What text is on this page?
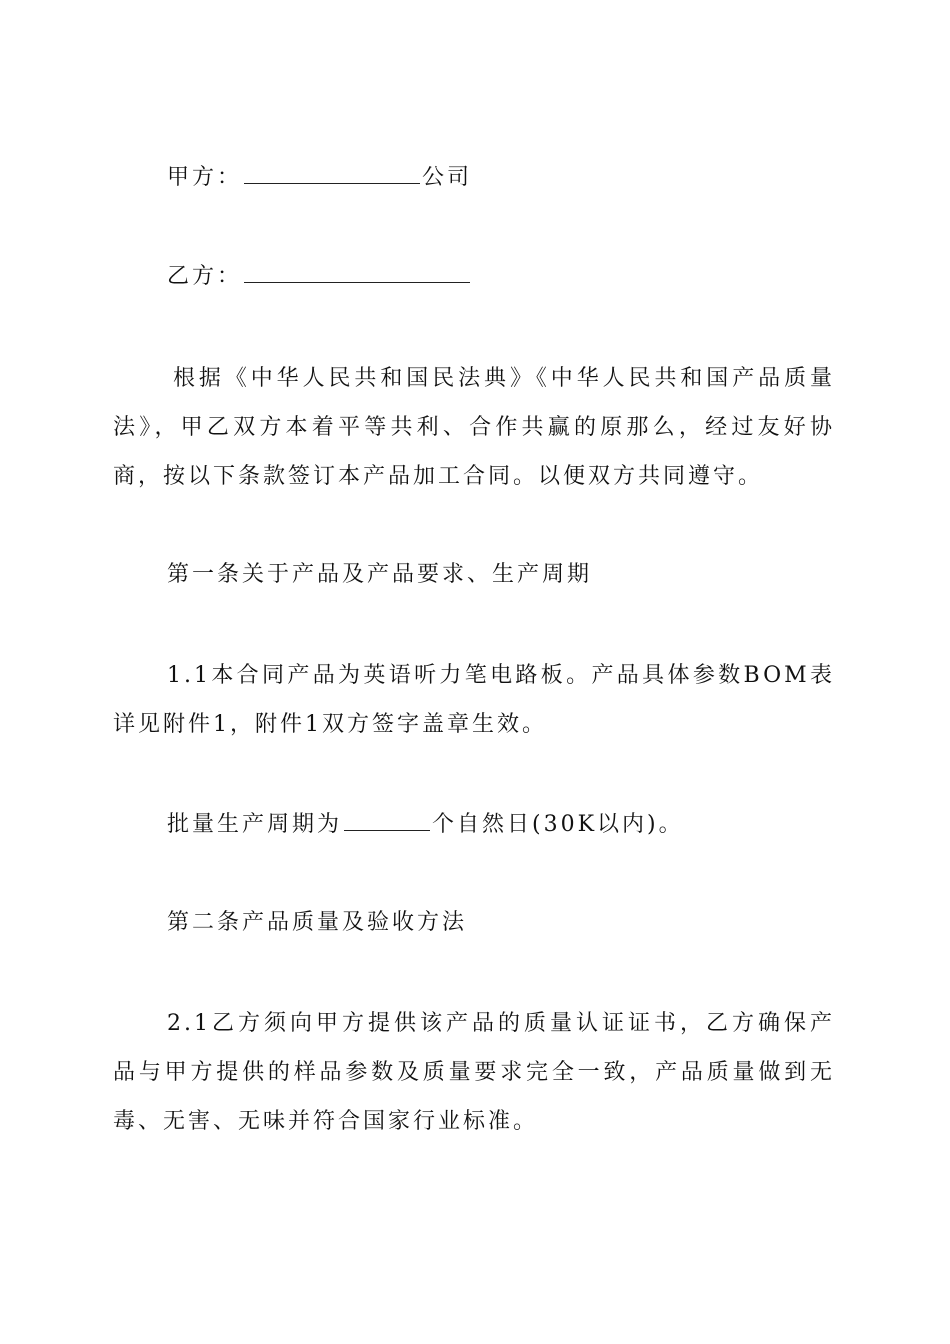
甲方：	公司
乙方：
根据《中华人民共和国民法典》《中华人民共和国产品质量法》，甲乙双方本着平等共利、合作共赢的原那么，经过友好协商，按以下条款签订本产品加工合同。以便双方共同遵守。
第一条关于产品及产品要求、生产周期
1.1本合同产品为英语听力笔电路板。产品具体参数BOM表详见附件1，附件1双方签字盖章生效。
批量生产周期为	个自然日(30K以内)。
第二条产品质量及验收方法
2.1乙方须向甲方提供该产品的质量认证证书，乙方确保产品与甲方提供的样品参数及质量要求完全一致，产品质量做到无毒、无害、无味并符合国家行业标准。
